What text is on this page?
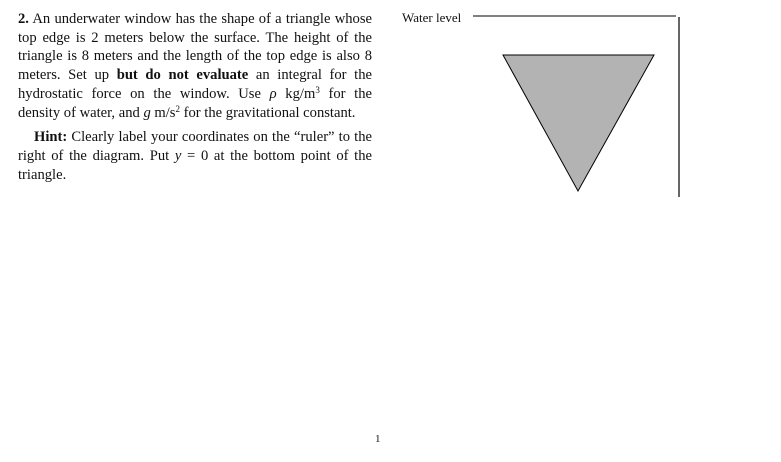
2. An underwater window has the shape of a triangle whose top edge is 2 meters below the surface. The height of the triangle is 8 meters and the length of the top edge is also 8 meters. Set up but do not evaluate an integral for the hydrostatic force on the window. Use ρ $kg/m^3$ for the density of water, and g $m/s^2$ for the gravitational constant.

Hint: Clearly label your coordinates on the “ruler” to the right of the diagram. Put y = 0 at the bottom point of the triangle.

Water level
1
